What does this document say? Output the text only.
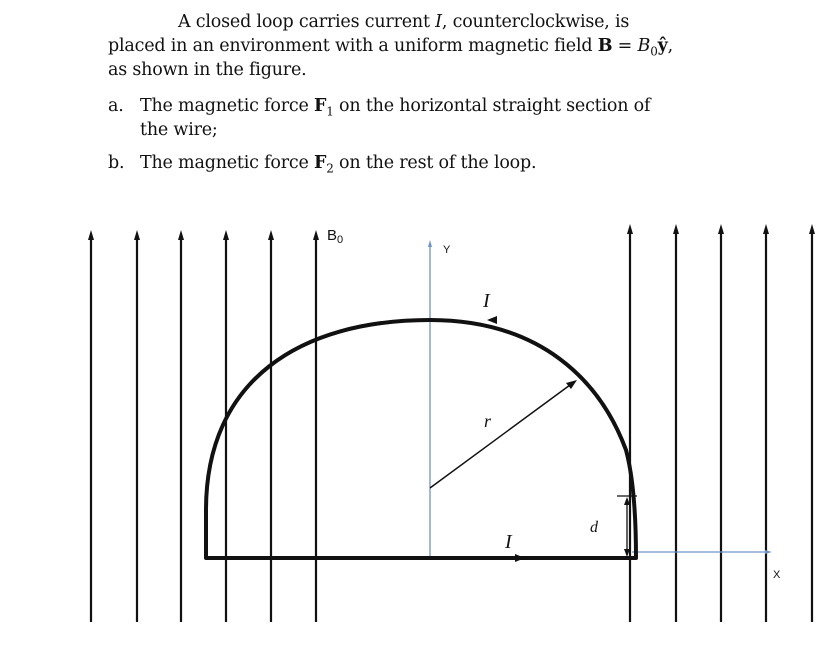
A closed loop carries current I, counterclockwise, is placed in an environment with a uniform magnetic field $B = B_0ŷ$, as shown in the figure.

a. The magnetic force $F_1$ on the horizontal straight section of the wire;
b. The magnetic force $F_2$ on the rest of the loop.
$B_0$
Y
X
I
I
r
d
